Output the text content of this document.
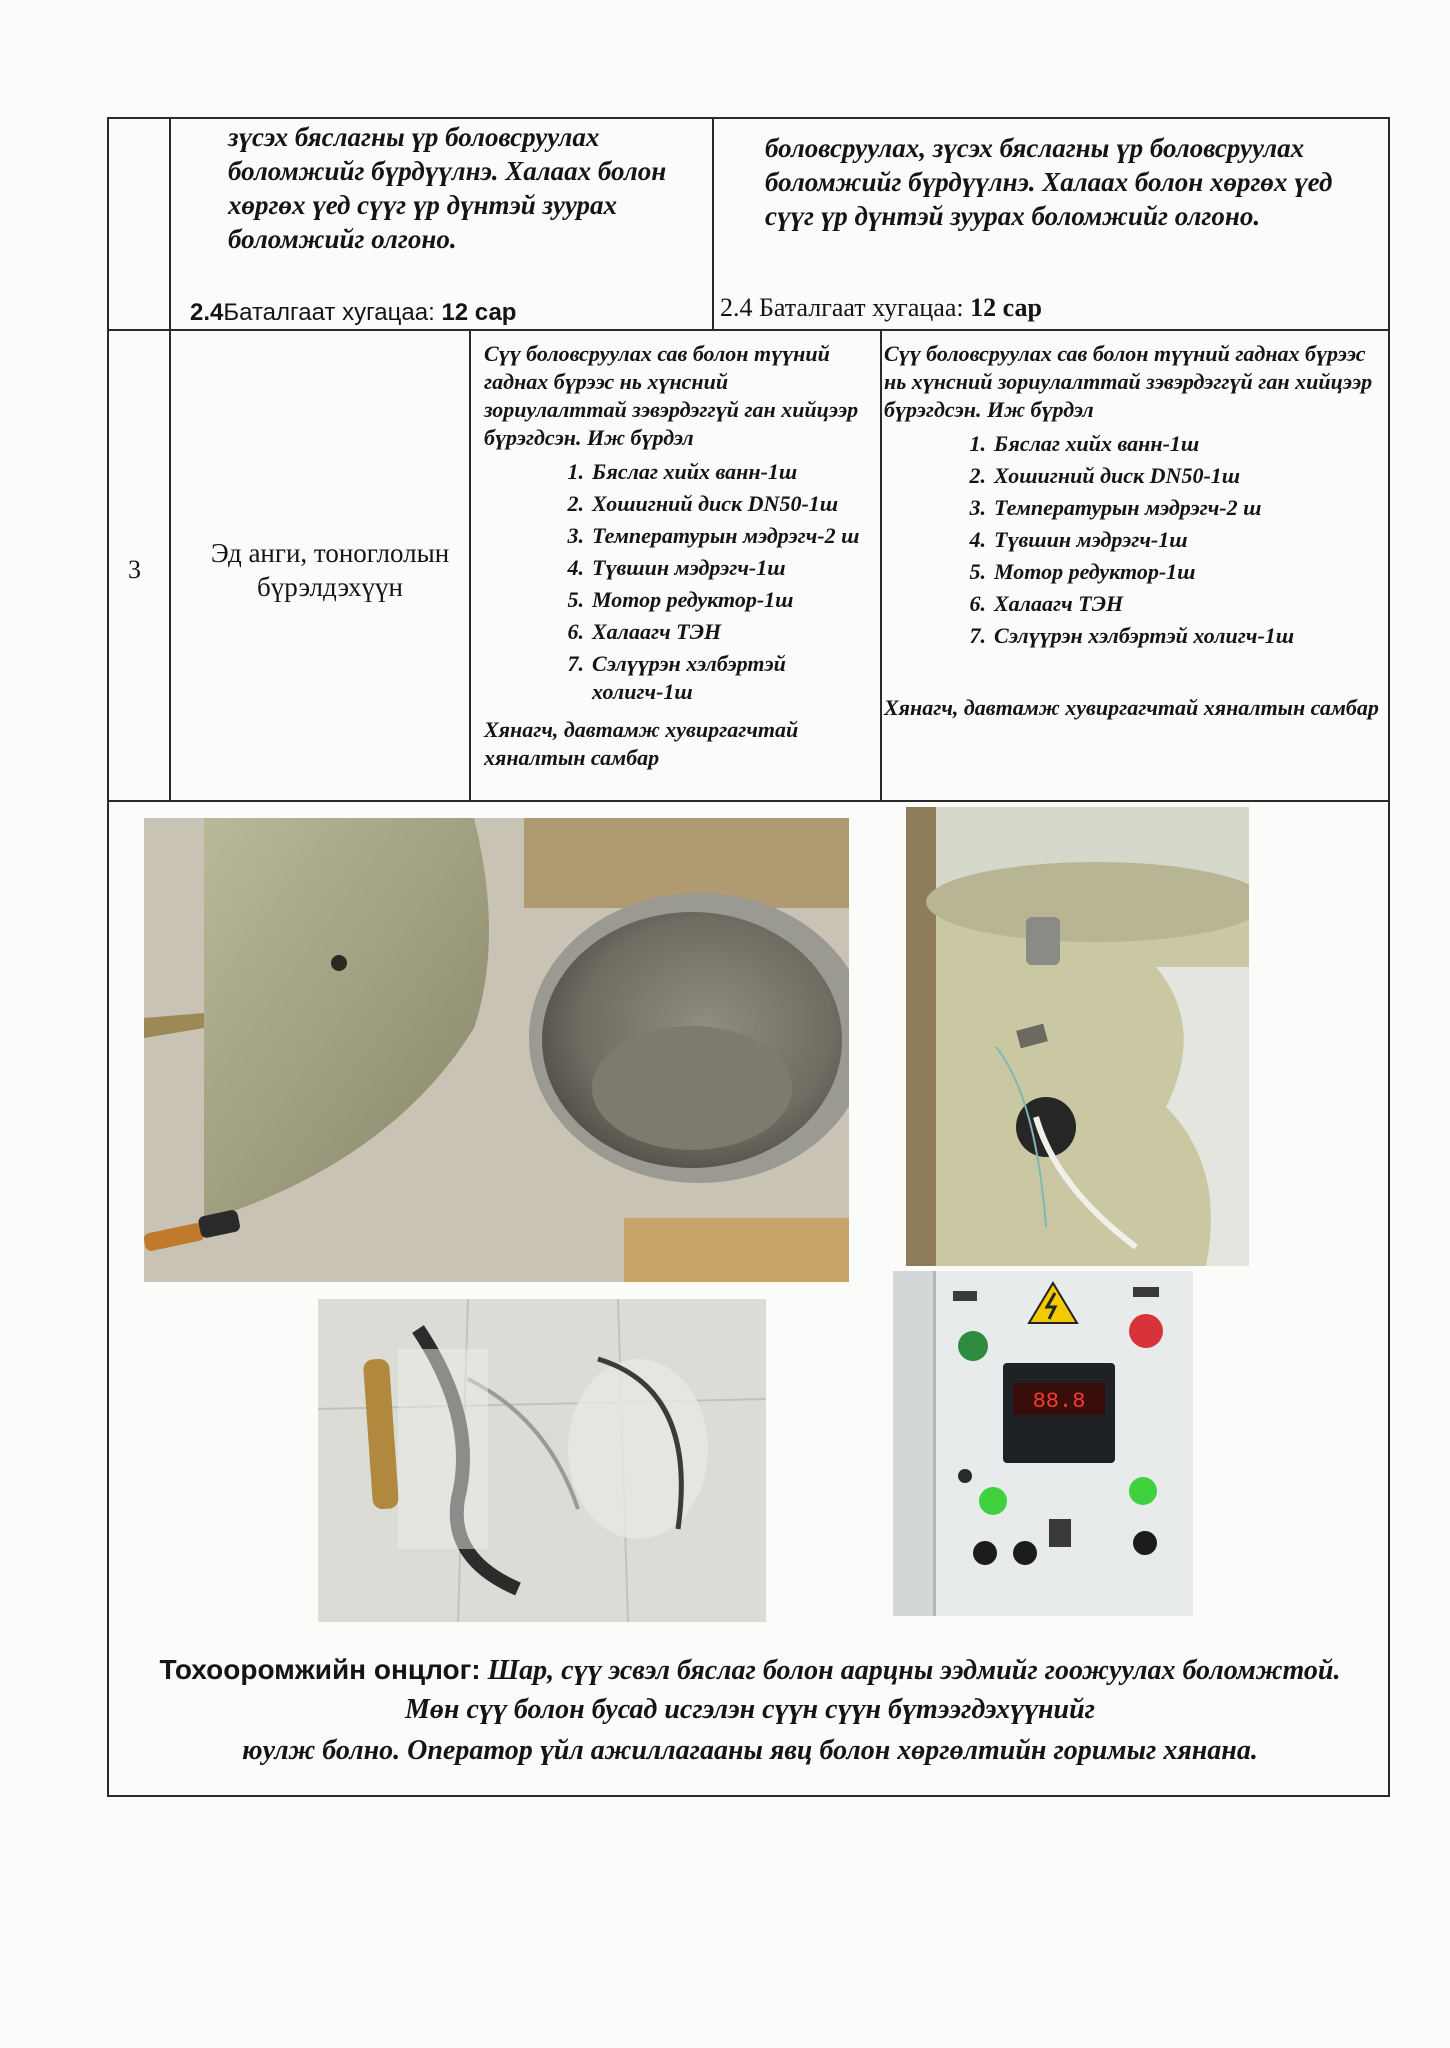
зүсэх бяслагны үр боловсруулах боломжийг бүрдүүлнэ. Халаах болон хөргөх үед сүүг үр дүнтэй зуурах боломжийг олгоно.
2.4Баталгаат хугацаа: 12 сар
боловсруулах, зүсэх бяслагны үр боловсруулах боломжийг бүрдүүлнэ. Халаах болон хөргөх үед сүүг үр дүнтэй зуурах боломжийг олгоно.
2.4 Баталгаат хугацаа: 12 сар
3
Эд анги, тоноглолын бүрэлдэхүүн
Сүү боловсруулах сав болон түүний гаднах бүрээс нь хүнсний зориулалттай зэвэрдэггүй ган хийцээр бүрэгдсэн. Иж бүрдэл
1. Бяслаг хийх ванн-1ш
2. Хошигний диск DN50-1ш
3. Температурын мэдрэгч-2 ш
4. Түвшин мэдрэгч-1ш
5. Мотор редуктор-1ш
6. Халаагч ТЭН
7. Сэлүүрэн хэлбэртэй холигч-1ш
Хянагч, давтамж хувиргагчтай хяналтын самбар
Сүү боловсруулах сав болон түүний гаднах бүрээс нь хүнсний зориулалттай зэвэрдэггүй ган хийцээр бүрэгдсэн. Иж бүрдэл
1. Бяслаг хийх ванн-1ш
2. Хошигний диск DN50-1ш
3. Температурын мэдрэгч-2 ш
4. Түвшин мэдрэгч-1ш
5. Мотор редуктор-1ш
6. Халаагч ТЭН
7. Сэлүүрэн хэлбэртэй холигч-1ш
Хянагч, давтамж хувиргагчтай хяналтын самбар
88.8
Тохооромжийн онцлог: Шар, сүү эсвэл бяслаг болон аарцны ээдмийг гоожуулах боломжтой.
Мөн сүү болон бусад исгэлэн сүүн сүүн бүтээгдэхүүнийг
юулж болно. Оператор үйл ажиллагааны явц болон хөргөлтийн горимыг хянана.
